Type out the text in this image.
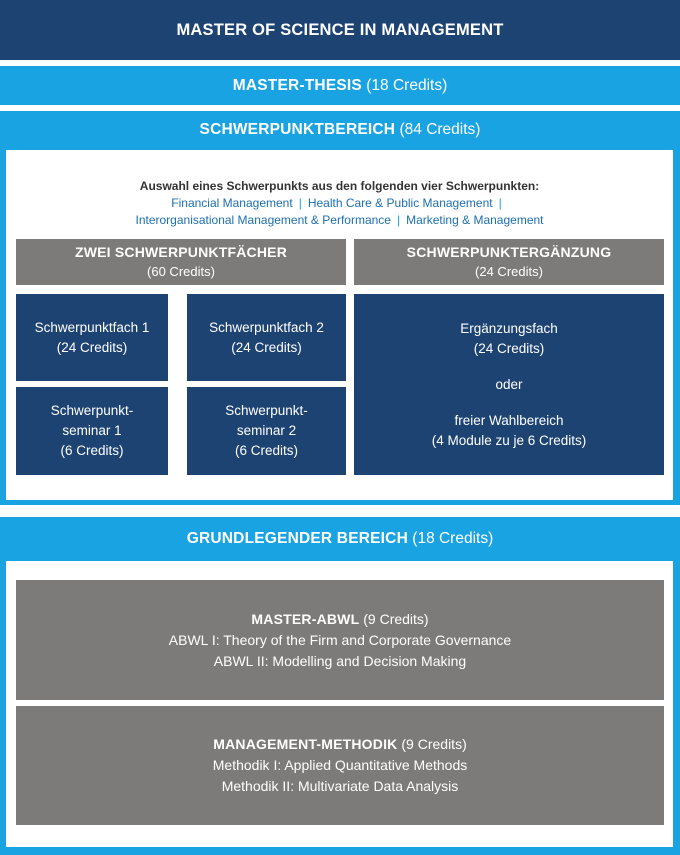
MASTER OF SCIENCE IN MANAGEMENT
MASTER-THESIS (18 Credits)
SCHWERPUNKTBEREICH (84 Credits)
Auswahl eines Schwerpunkts aus den folgenden vier Schwerpunkten:
Financial Management | Health Care & Public Management |
Interorganisational Management & Performance | Marketing & Management
ZWEI SCHWERPUNKTFÄCHER
(60 Credits)
SCHWERPUNKTERGÄNZUNG
(24 Credits)
Schwerpunktfach 1
(24 Credits)
Schwerpunktfach 2
(24 Credits)
Schwerpunkt-
seminar 1
(6 Credits)
Schwerpunkt-
seminar 2
(6 Credits)
Ergänzungsfach
(24 Credits)
oder
freier Wahlbereich
(4 Module zu je 6 Credits)
GRUNDLEGENDER BEREICH (18 Credits)
MASTER-ABWL (9 Credits)
ABWL I: Theory of the Firm and Corporate Governance
ABWL II: Modelling and Decision Making
MANAGEMENT-METHODIK (9 Credits)
Methodik I: Applied Quantitative Methods
Methodik II: Multivariate Data Analysis
